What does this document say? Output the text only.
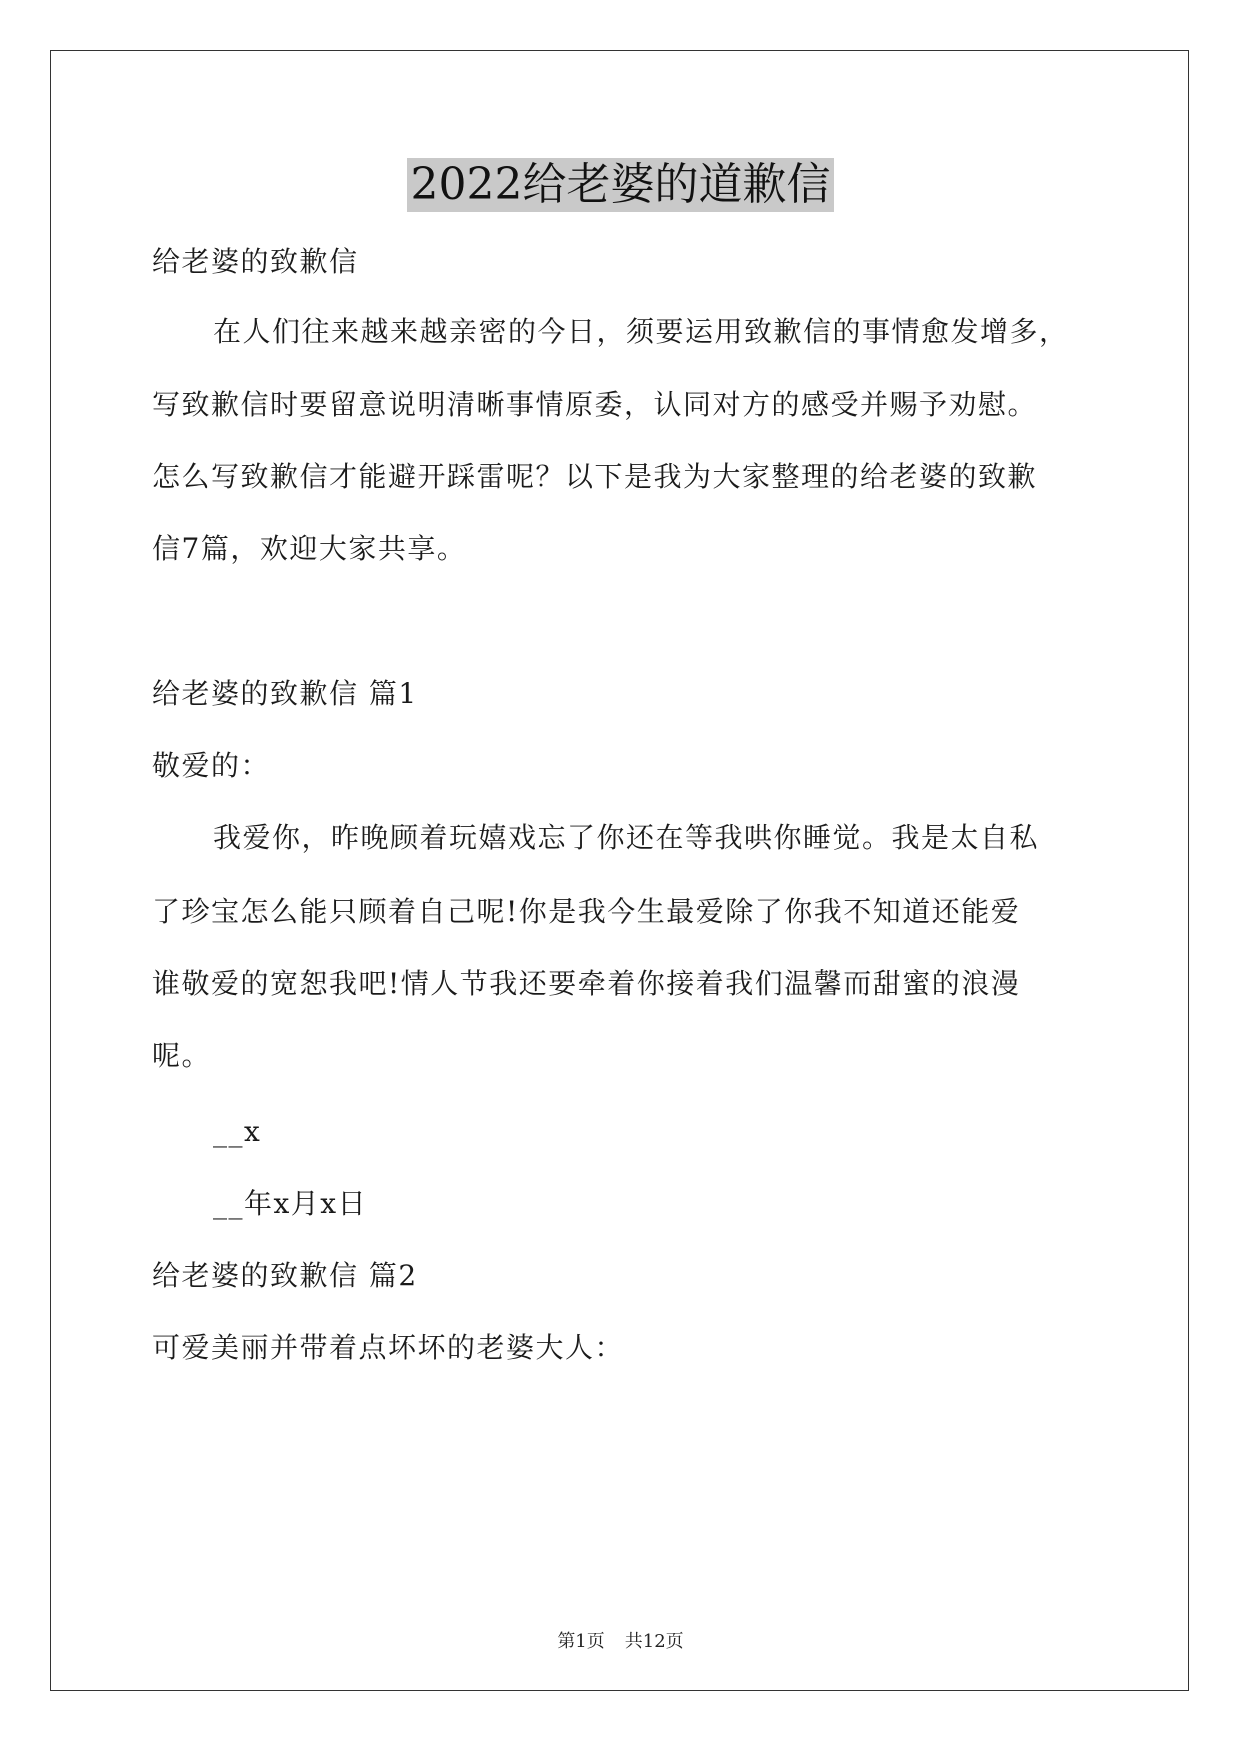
2022给老婆的道歉信
给老婆的致歉信
在人们往来越来越亲密的今日，须要运用致歉信的事情愈发增多，
写致歉信时要留意说明清晰事情原委，认同对方的感受并赐予劝慰。
怎么写致歉信才能避开踩雷呢？以下是我为大家整理的给老婆的致歉
信7篇，欢迎大家共享。
给老婆的致歉信 篇1
敬爱的：
我爱你，昨晚顾着玩嬉戏忘了你还在等我哄你睡觉。我是太自私
了珍宝怎么能只顾着自己呢!你是我今生最爱除了你我不知道还能爱
谁敬爱的宽恕我吧!情人节我还要牵着你接着我们温馨而甜蜜的浪漫
呢。
__x
__年x月x日
给老婆的致歉信 篇2
可爱美丽并带着点坏坏的老婆大人：
第1页 共12页
